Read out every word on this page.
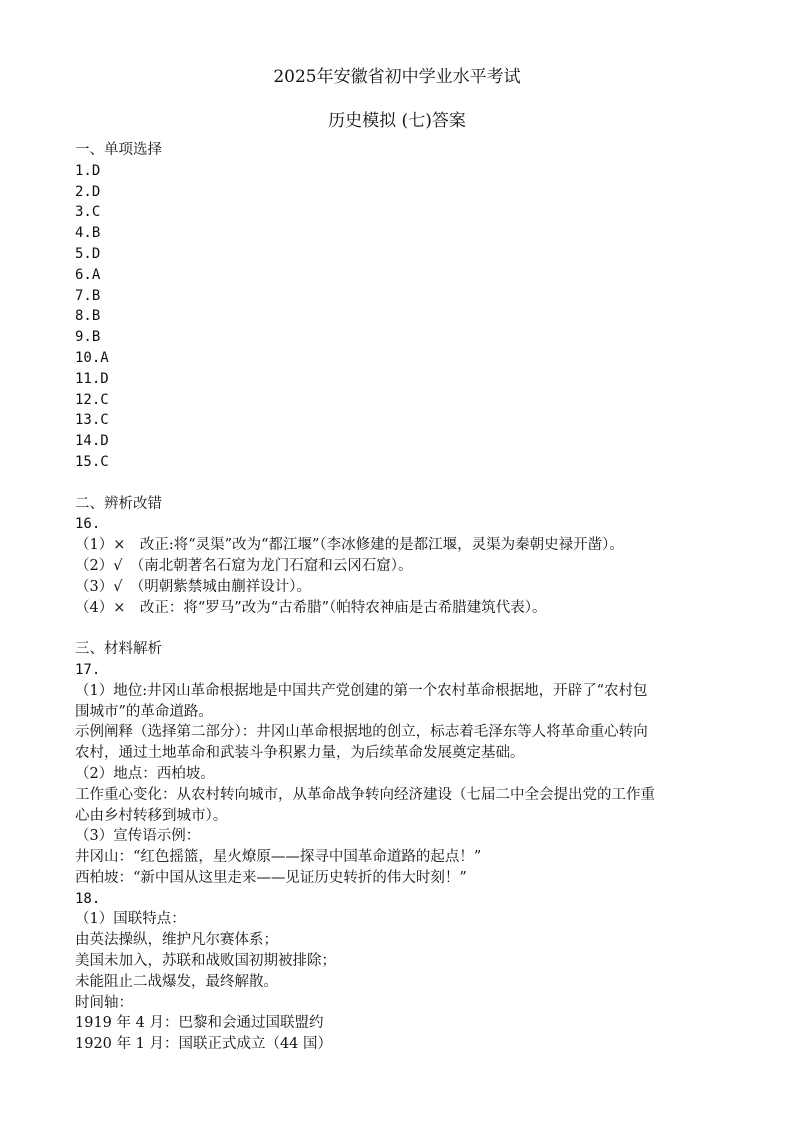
2025年安徽省初中学业水平考试
历史模拟 (七)答案
一、单项选择
1.D
2.D
3.C
4.B
5.D
6.A
7.B
8.B
9.B
10.A
11.D
12.C
13.C
14.D
15.C
二、辨析改错
16.
（1）×　改正:将“灵渠”改为“都江堰”（李冰修建的是都江堰，灵渠为秦朝史禄开凿）。
（2）√　（南北朝著名石窟为龙门石窟和云冈石窟）。
（3）√　（明朝紫禁城由蒯祥设计）。
（4）×　改正：将“罗马”改为“古希腊”（帕特农神庙是古希腊建筑代表）。
三、材料解析
17.
（1）地位:井冈山革命根据地是中国共产党创建的第一个农村革命根据地，开辟了“农村包
围城市”的革命道路。
示例阐释（选择第二部分）：井冈山革命根据地的创立，标志着毛泽东等人将革命重心转向
农村，通过土地革命和武装斗争积累力量，为后续革命发展奠定基础。
（2）地点：西柏坡。
工作重心变化：从农村转向城市，从革命战争转向经济建设（七届二中全会提出党的工作重
心由乡村转移到城市）。
（3）宣传语示例：
井冈山：“红色摇篮，星火燎原——探寻中国革命道路的起点！”
西柏坡：“新中国从这里走来——见证历史转折的伟大时刻！”
18.
（1）国联特点：
由英法操纵，维护凡尔赛体系；
美国未加入，苏联和战败国初期被排除；
未能阻止二战爆发，最终解散。
时间轴：
1919 年 4 月：巴黎和会通过国联盟约
1920 年 1 月：国联正式成立（44 国）
